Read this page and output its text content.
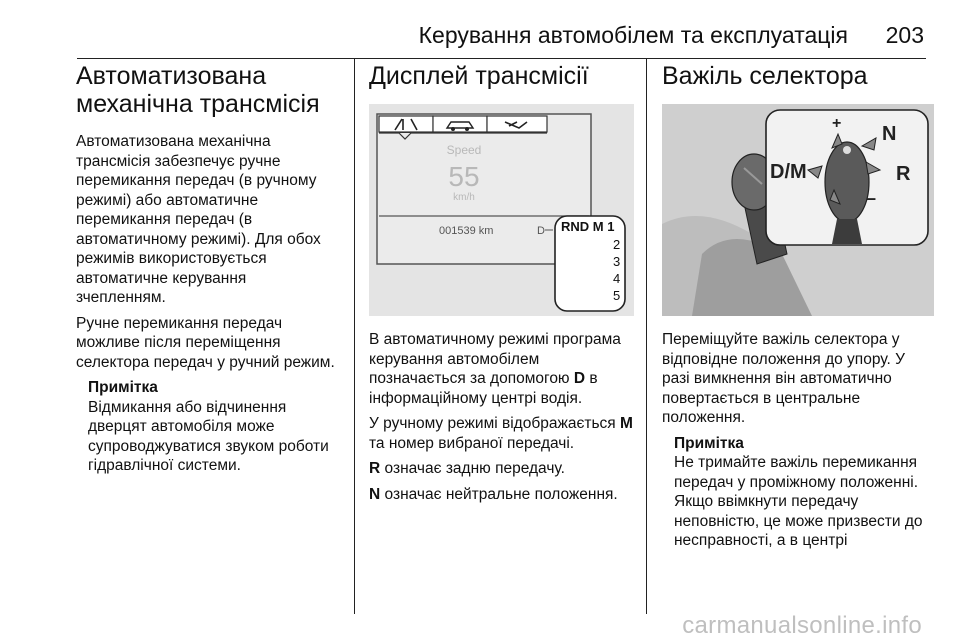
Керування автомобілем та експлуатація 203
Автоматизована механічна трансмісія

Автоматизована механічна трансмісія забезпечує ручне перемикання передач (в ручному режимі) або автоматичне перемикання передач (в автоматичному режимі). Для обох режимів використовується автоматичне керування зчепленням.

Ручне перемикання передач можливе після переміщення селектора передач у ручний режим.

Примітка

Відмикання або відчинення дверцят автомобіля може супроводжуватися звуком роботи гідравлічної системи.

Дисплей трансмісії
Speed
55
km/h
001539 km	D RND M 1
2
3
4
5

В автоматичному режимі програма керування автомобілем позначається за допомогою D в інформаційному центрі водія.

У ручному режимі відображається M та номер вибраної передачі.

R означає задню передачу.

N означає нейтральне положення.

Важіль селектора
+
D/M
N
R
–

Переміщуйте важіль селектора у відповідне положення до упору. У разі вимкнення він автоматично повертається в центральне положення.

Примітка

Не тримайте важіль перемикання передач у проміжному положенні. Якщо ввімкнути передачу неповністю, це може призвести до несправності, а в центрі

carmanualsonline.info
